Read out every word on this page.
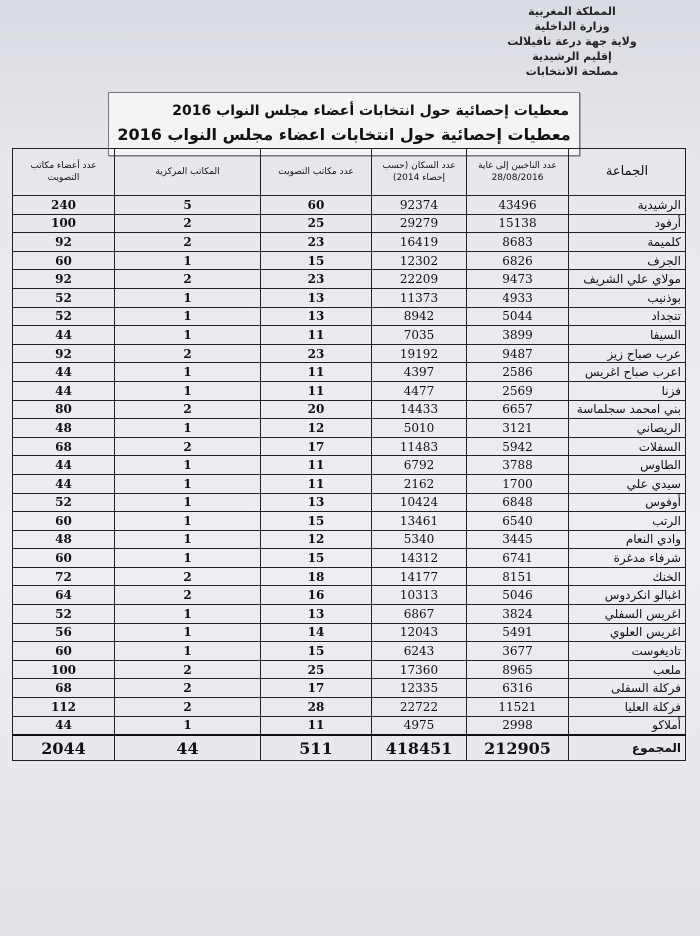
المملكة المغربية
وزارة الداخلية
ولاية جهة درعة تافيلالت
إقليم الرشيدية
مصلحة الانتخابات
معطيات إحصائية حول انتخابات أعضاء مجلس النواب 2016
معطيات إحصائية حول انتخابات اعضاء مجلس النواب 2016
الجماعة	عدد الناخبين إلى غاية 28/08/2016	عدد السكان (حسب إحصاء 2014)	عدد مكاتب التصويت	المكاتب المركزية	عدد أعضاء مكاتب التصويت
الرشيدية	43496	92374	60	5	240
أرفود	15138	29279	25	2	100
كلميمة	8683	16419	23	2	92
الجرف	6826	12302	15	1	60
مولاي علي الشريف	9473	22209	23	2	92
بوذنيب	4933	11373	13	1	52
تنجداد	5044	8942	13	1	52
السيفا	3899	7035	11	1	44
عرب صباح زيز	9487	19192	23	2	92
اعرب صباح اغريس	2586	4397	11	1	44
فزنا	2569	4477	11	1	44
بني امحمد سجلماسة	6657	14433	20	2	80
الريصاني	3121	5010	12	1	48
السفلات	5942	11483	17	2	68
الطاوس	3788	6792	11	1	44
سيدي علي	1700	2162	11	1	44
أوفوس	6848	10424	13	1	52
الرتب	6540	13461	15	1	60
وادي النعام	3445	5340	12	1	48
شرفاء مدغرة	6741	14312	15	1	60
الخنك	8151	14177	18	2	72
اغبالو انكردوس	5046	10313	16	2	64
اغريس السفلي	3824	6867	13	1	52
اغريس العلوي	5491	12043	14	1	56
تاديغوست	3677	6243	15	1	60
ملعب	8965	17360	25	2	100
فركلة السفلى	6316	12335	17	2	68
فركلة العليا	11521	22722	28	2	112
أملاكو	2998	4975	11	1	44
المجموع	212905	418451	511	44	2044
